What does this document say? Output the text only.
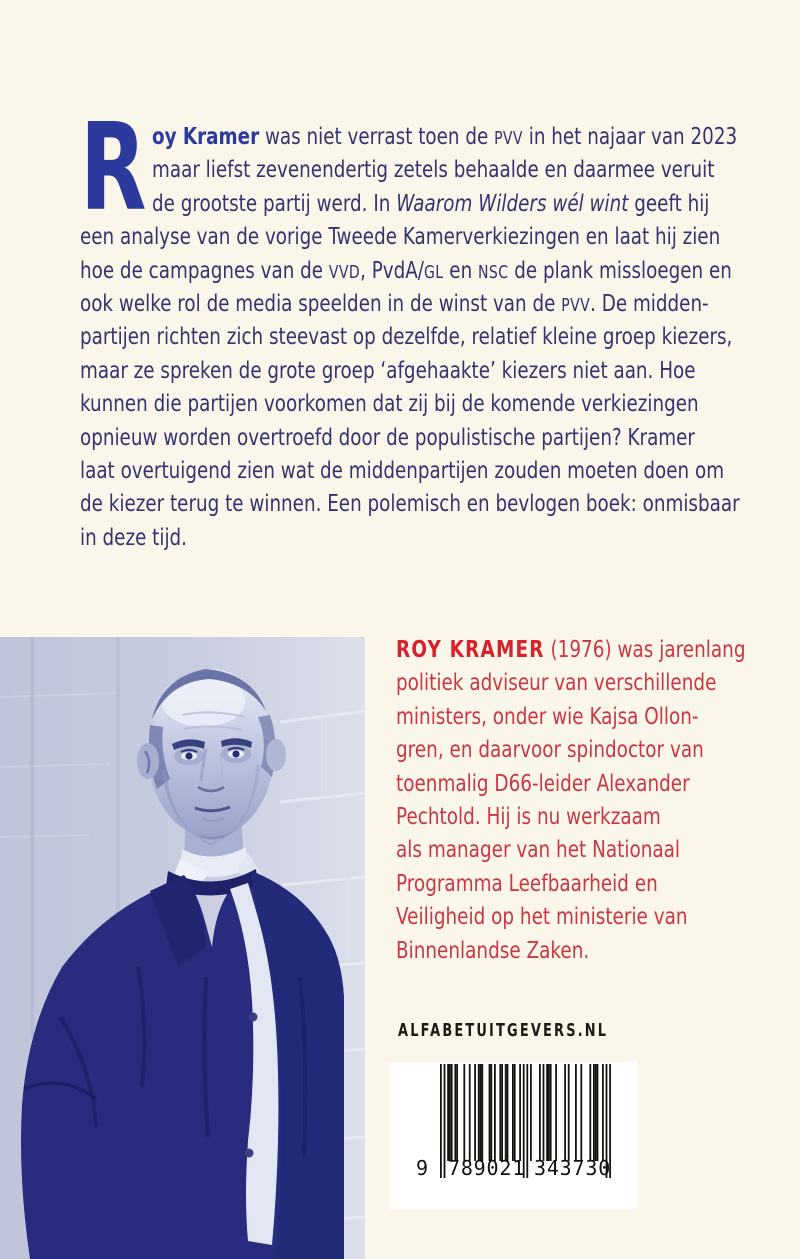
R oy Kramer was niet verrast toen de PVV in het najaar van 2023
maar liefst zevenendertig zetels behaalde en daarmee veruit
de grootste partij werd. In Waarom Wilders wél wint geeft hij
een analyse van de vorige Tweede Kamerverkiezingen en laat hij zien
hoe de campagnes van de VVD, PvdA/GL en NSC de plank missloegen en
ook welke rol de media speelden in de winst van de PVV. De midden-
partijen richten zich steevast op dezelfde, relatief kleine groep kiezers,
maar ze spreken de grote groep ‘afgehaakte’ kiezers niet aan. Hoe
kunnen die partijen voorkomen dat zij bij de komende verkiezingen
opnieuw worden overtroefd door de populistische partijen? Kramer
laat overtuigend zien wat de middenpartijen zouden moeten doen om
de kiezer terug te winnen. Een polemisch en bevlogen boek: onmisbaar
in deze tijd.
ROY KRAMER (1976) was jarenlang
politiek adviseur van verschillende
ministers, onder wie Kajsa Ollon-
gren, en daarvoor spindoctor van
toenmalig D66-leider Alexander
Pechtold. Hij is nu werkzaam
als manager van het Nationaal
Programma Leefbaarheid en
Veiligheid op het ministerie van
Binnenlandse Zaken.
ALFABETUITGEVERS.NL
9 789021 343730
